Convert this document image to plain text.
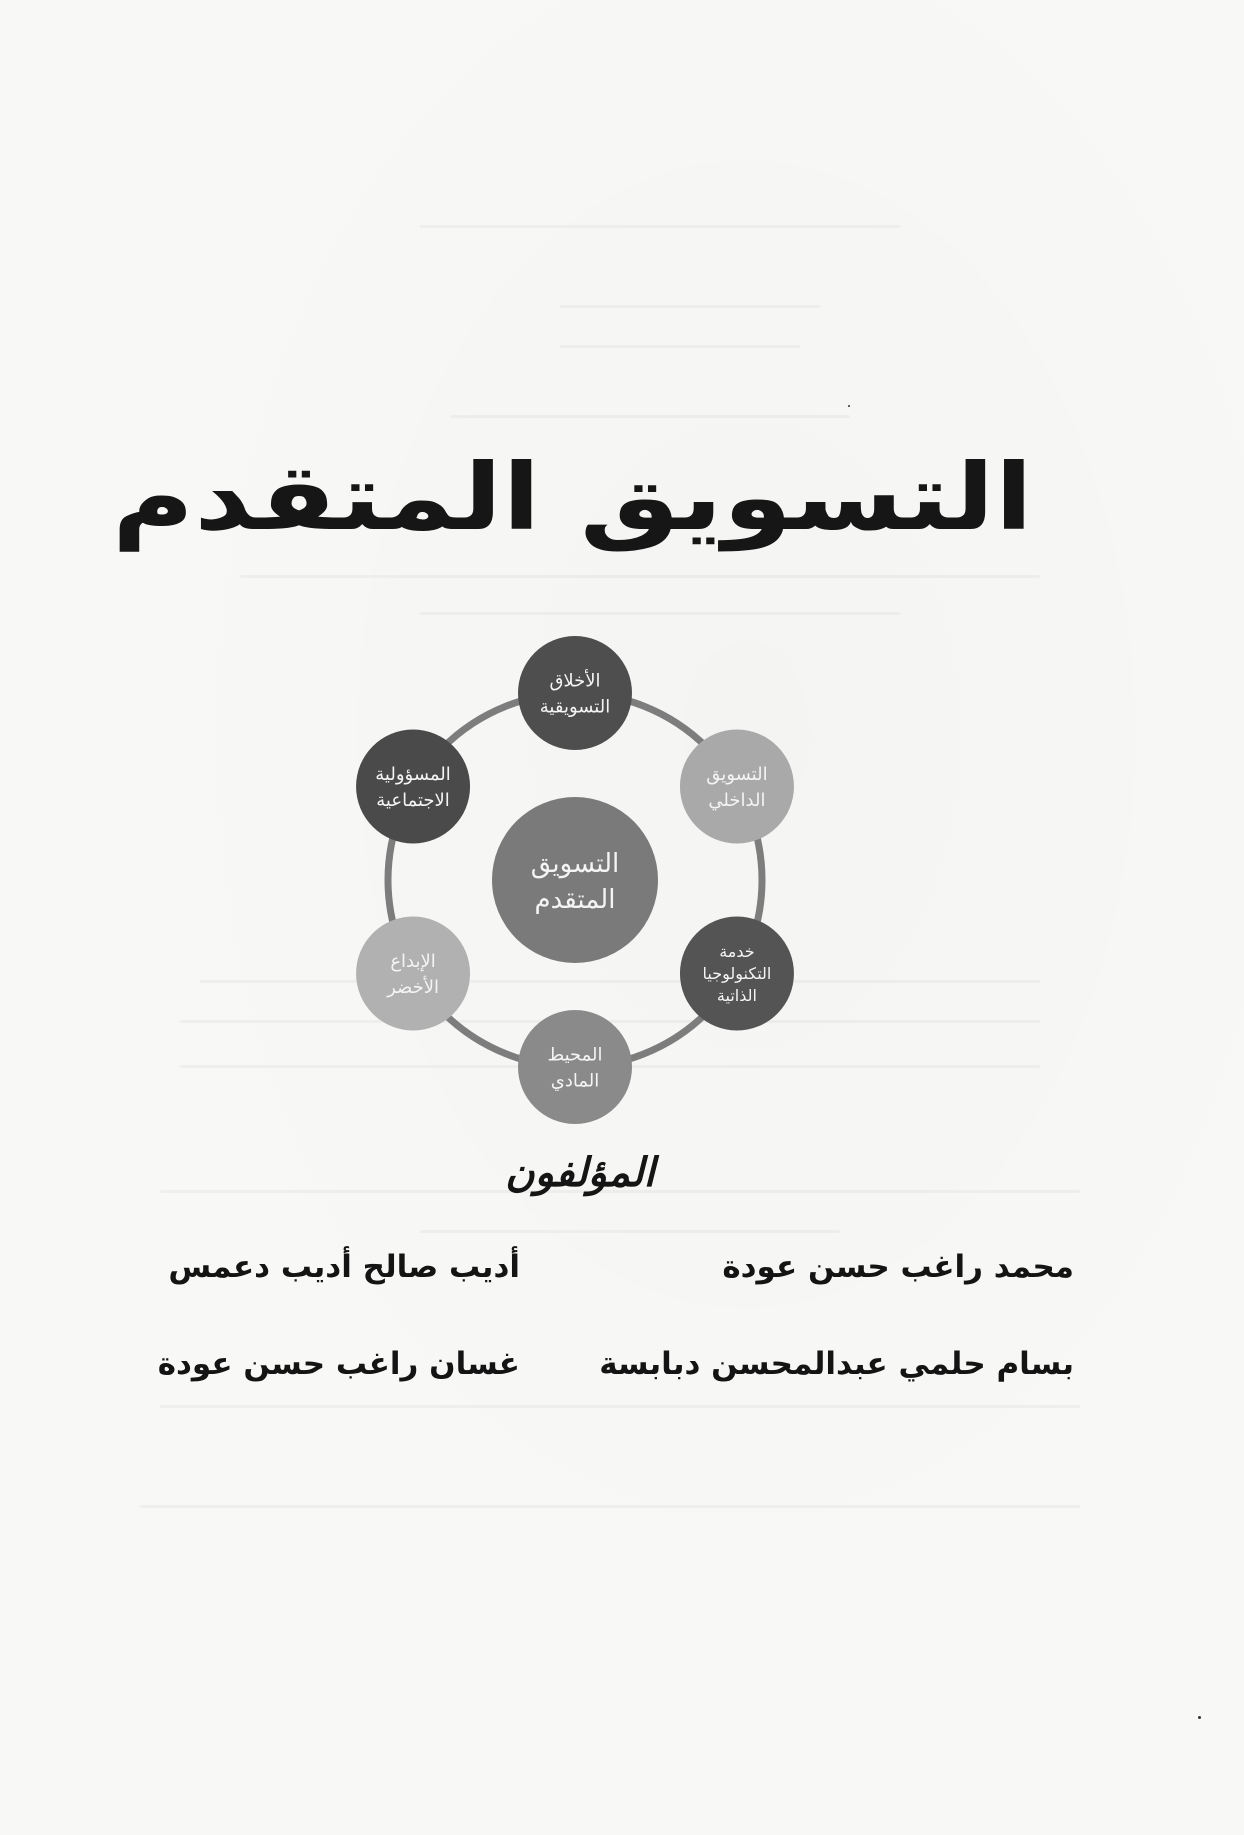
التسويق المتقدم
الأخلاق
التسويقية
التسويق
الداخلي
خدمة
التكنولوجيا
الذاتية
المحيط
المادي
الإبداع
الأخضر
المسؤولية
الاجتماعية
التسويق
المتقدم
المؤلفون
محمد راغب حسن عودة
أديب صالح أديب دعمس
بسام حلمي عبدالمحسن دبابسة
غسان راغب حسن عودة
